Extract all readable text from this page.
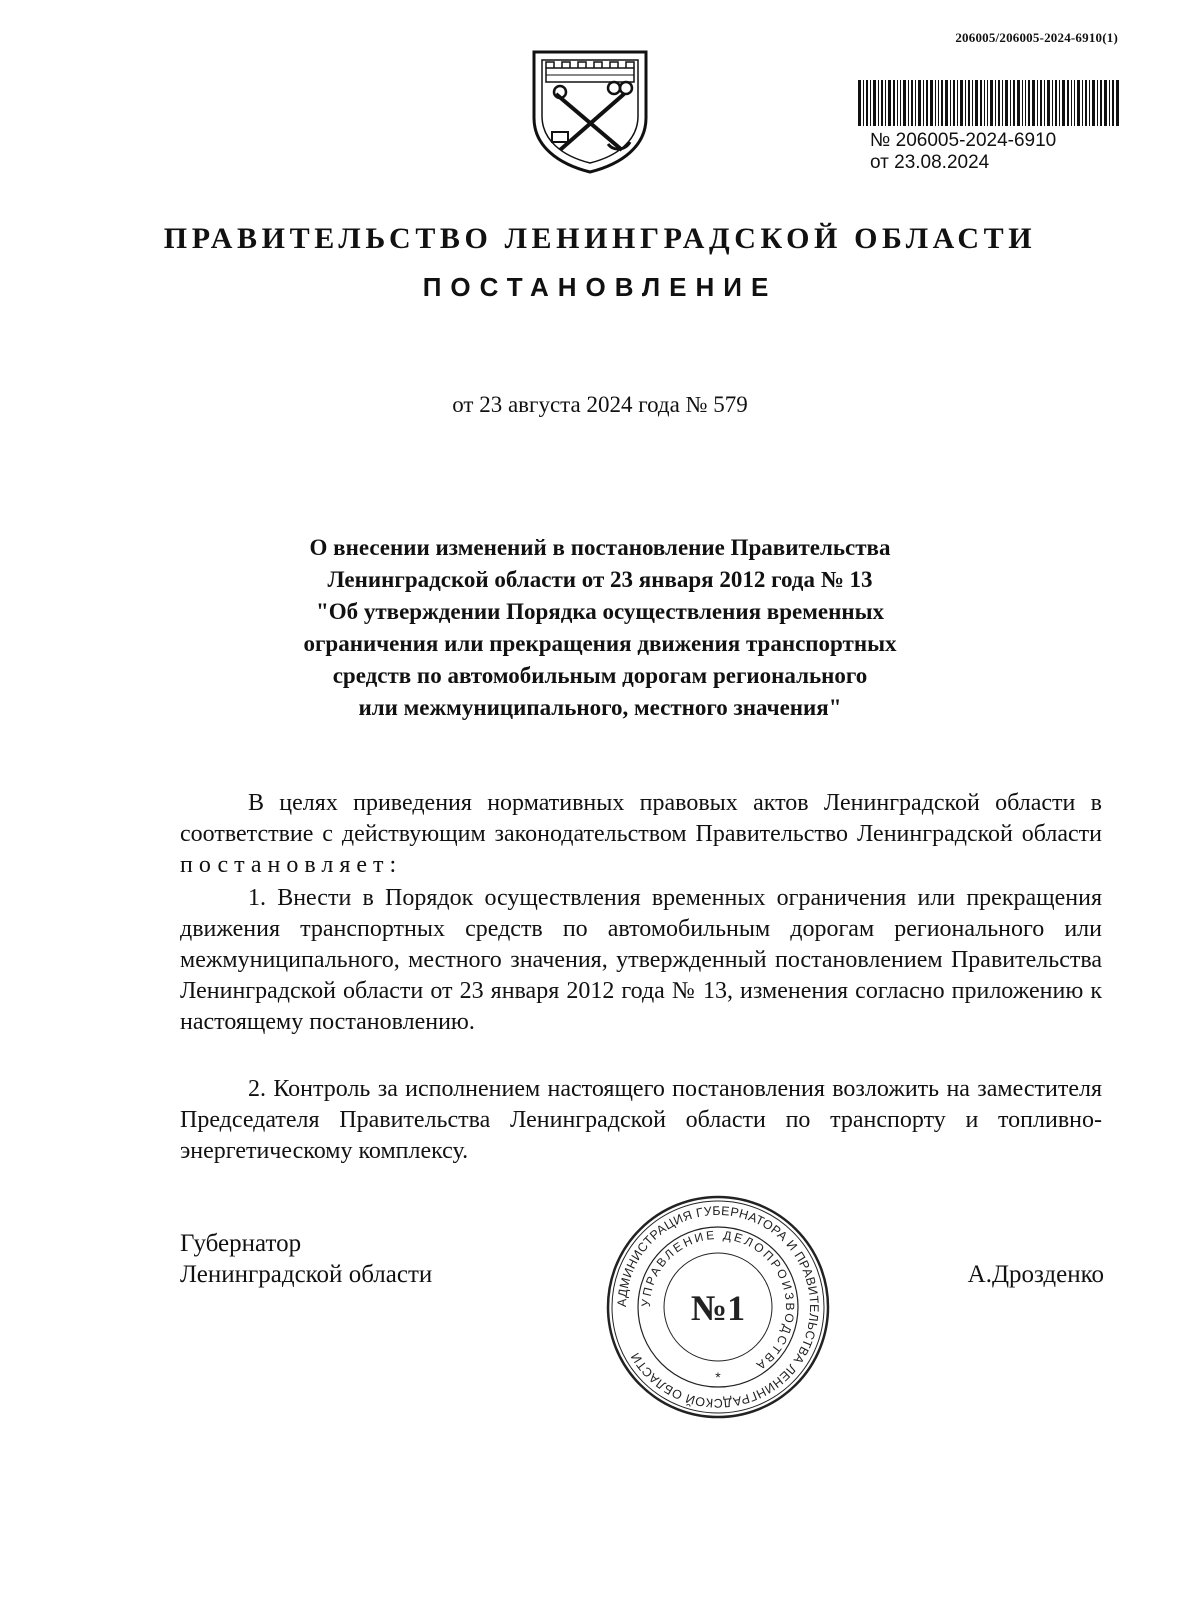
206005/206005-2024-6910(1)
№ 206005-2024-6910
от 23.08.2024
ПРАВИТЕЛЬСТВО ЛЕНИНГРАДСКОЙ ОБЛАСТИ
ПОСТАНОВЛЕНИЕ
от 23 августа 2024 года № 579
О внесении изменений в постановление Правительства
Ленинградской области от 23 января 2012 года № 13
"Об утверждении Порядка осуществления временных
ограничения или прекращения движения транспортных
средств по автомобильным дорогам регионального
или межмуниципального, местного значения"
В целях приведения нормативных правовых актов Ленинградской области в соответствие с действующим законодательством Правительство Ленинградской области постановляет:
1. Внести в Порядок осуществления временных ограничения или прекращения движения транспортных средств по автомобильным дорогам регионального или межмуниципального, местного значения, утвержденный постановлением Правительства Ленинградской области от 23 января 2012 года № 13, изменения согласно приложению к настоящему постановлению.
2. Контроль за исполнением настоящего постановления возложить на заместителя Председателя Правительства Ленинградской области по транспорту и топливно-энергетическому комплексу.
Губернатор
Ленинградской области	А.Дрозденко
АДМИНИСТРАЦИЯ ГУБЕРНАТОРА И ПРАВИТЕЛЬСТВА ЛЕНИНГРАДСКОЙ ОБЛАСТИ
УПРАВЛЕНИЕ ДЕЛОПРОИЗВОДСТВА
№1
*
